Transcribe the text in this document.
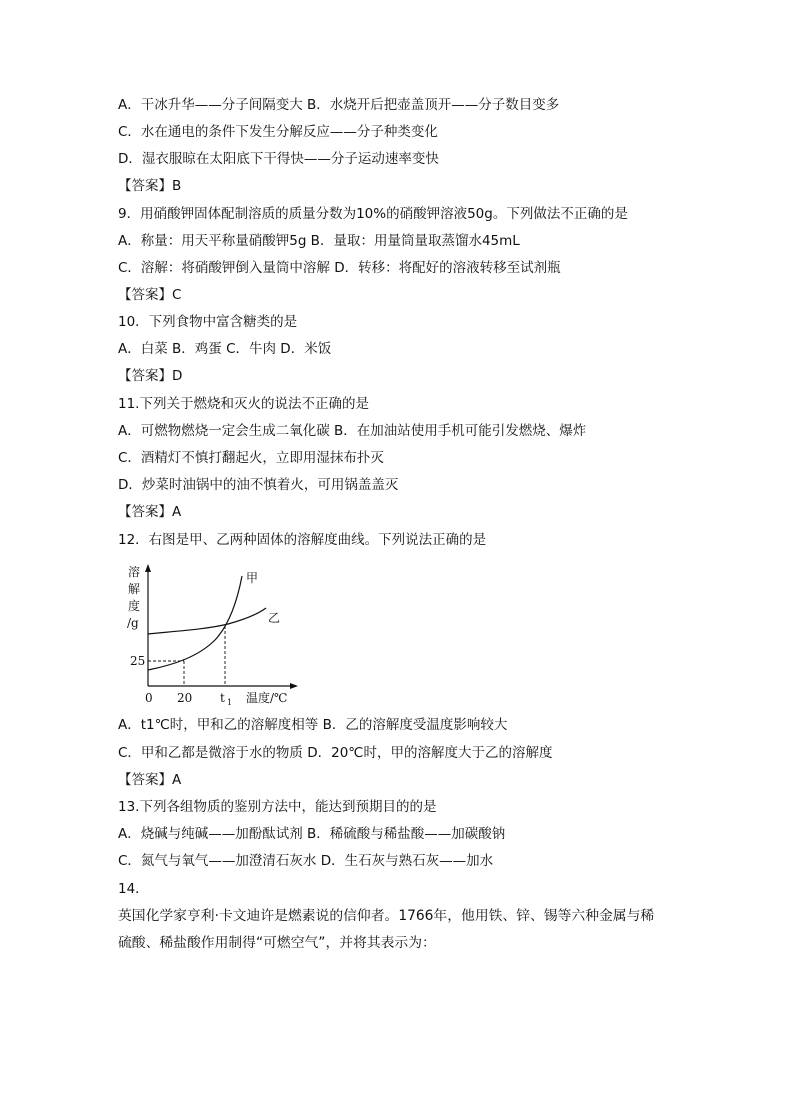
A．干冰升华——分子间隔变大 B．水烧开后把壶盖顶开——分子数目变多
C．水在通电的条件下发生分解反应——分子种类变化
D．湿衣服晾在太阳底下干得快——分子运动速率变快
【答案】B
9．用硝酸钾固体配制溶质的质量分数为10%的硝酸钾溶液50g。下列做法不正确的是
A．称量：用天平称量硝酸钾5g B．量取：用量筒量取蒸馏水45mL
C．溶解：将硝酸钾倒入量筒中溶解 D．转移：将配好的溶液转移至试剂瓶
【答案】C
10．下列食物中富含糖类的是
A．白菜 B．鸡蛋 C．牛肉 D．米饭
【答案】D
11.下列关于燃烧和灭火的说法不正确的是
A．可燃物燃烧一定会生成二氧化碳 B．在加油站使用手机可能引发燃烧、爆炸
C．酒精灯不慎打翻起火，立即用湿抹布扑灭
D．炒菜时油锅中的油不慎着火，可用锅盖盖灭
【答案】A
12．右图是甲、乙两种固体的溶解度曲线。下列说法正确的是
溶
解
度
/g
甲
乙
25
0 20 t 1 温度/℃
A．t1℃时，甲和乙的溶解度相等 B．乙的溶解度受温度影响较大
C．甲和乙都是微溶于水的物质 D．20℃时，甲的溶解度大于乙的溶解度
【答案】A
13.下列各组物质的鉴别方法中，能达到预期目的的是
A．烧碱与纯碱——加酚酞试剂 B．稀硫酸与稀盐酸——加碳酸钠
C．氮气与氧气——加澄清石灰水 D．生石灰与熟石灰——加水
14．
英国化学家亨利·卡文迪许是燃素说的信仰者。1766年，他用铁、锌、锡等六种金属与稀
硫酸、稀盐酸作用制得“可燃空气”，并将其表示为：
